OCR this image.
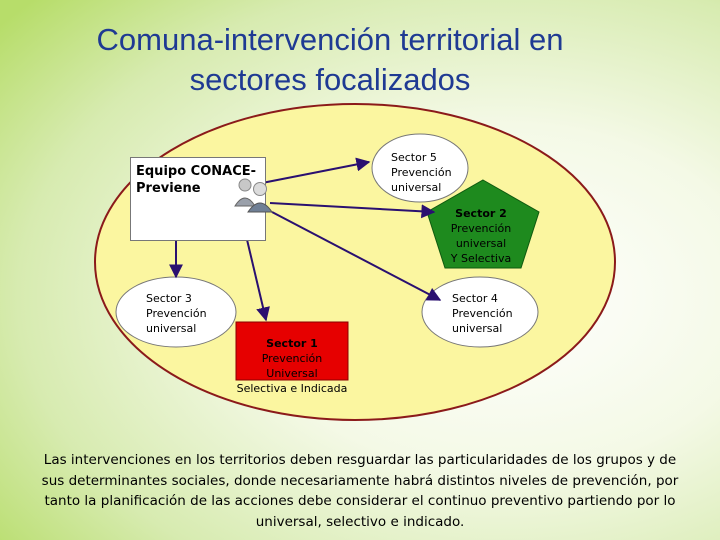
Comuna-intervención territorial en sectores focalizados
Equipo CONACE-
Previene
Sector 5
Prevención
universal
Sector 2
Prevención
universal
Y Selectiva
Sector 3
Prevención
universal
Sector 4
Prevención
universal
Sector 1
Prevención Universal
Selectiva e Indicada
Las intervenciones en los territorios deben resguardar las particularidades de los grupos y de sus determinantes sociales, donde necesariamente habrá distintos niveles de prevención, por tanto la planificación de las acciones debe considerar el continuo preventivo partiendo por lo universal, selectivo e indicado.
